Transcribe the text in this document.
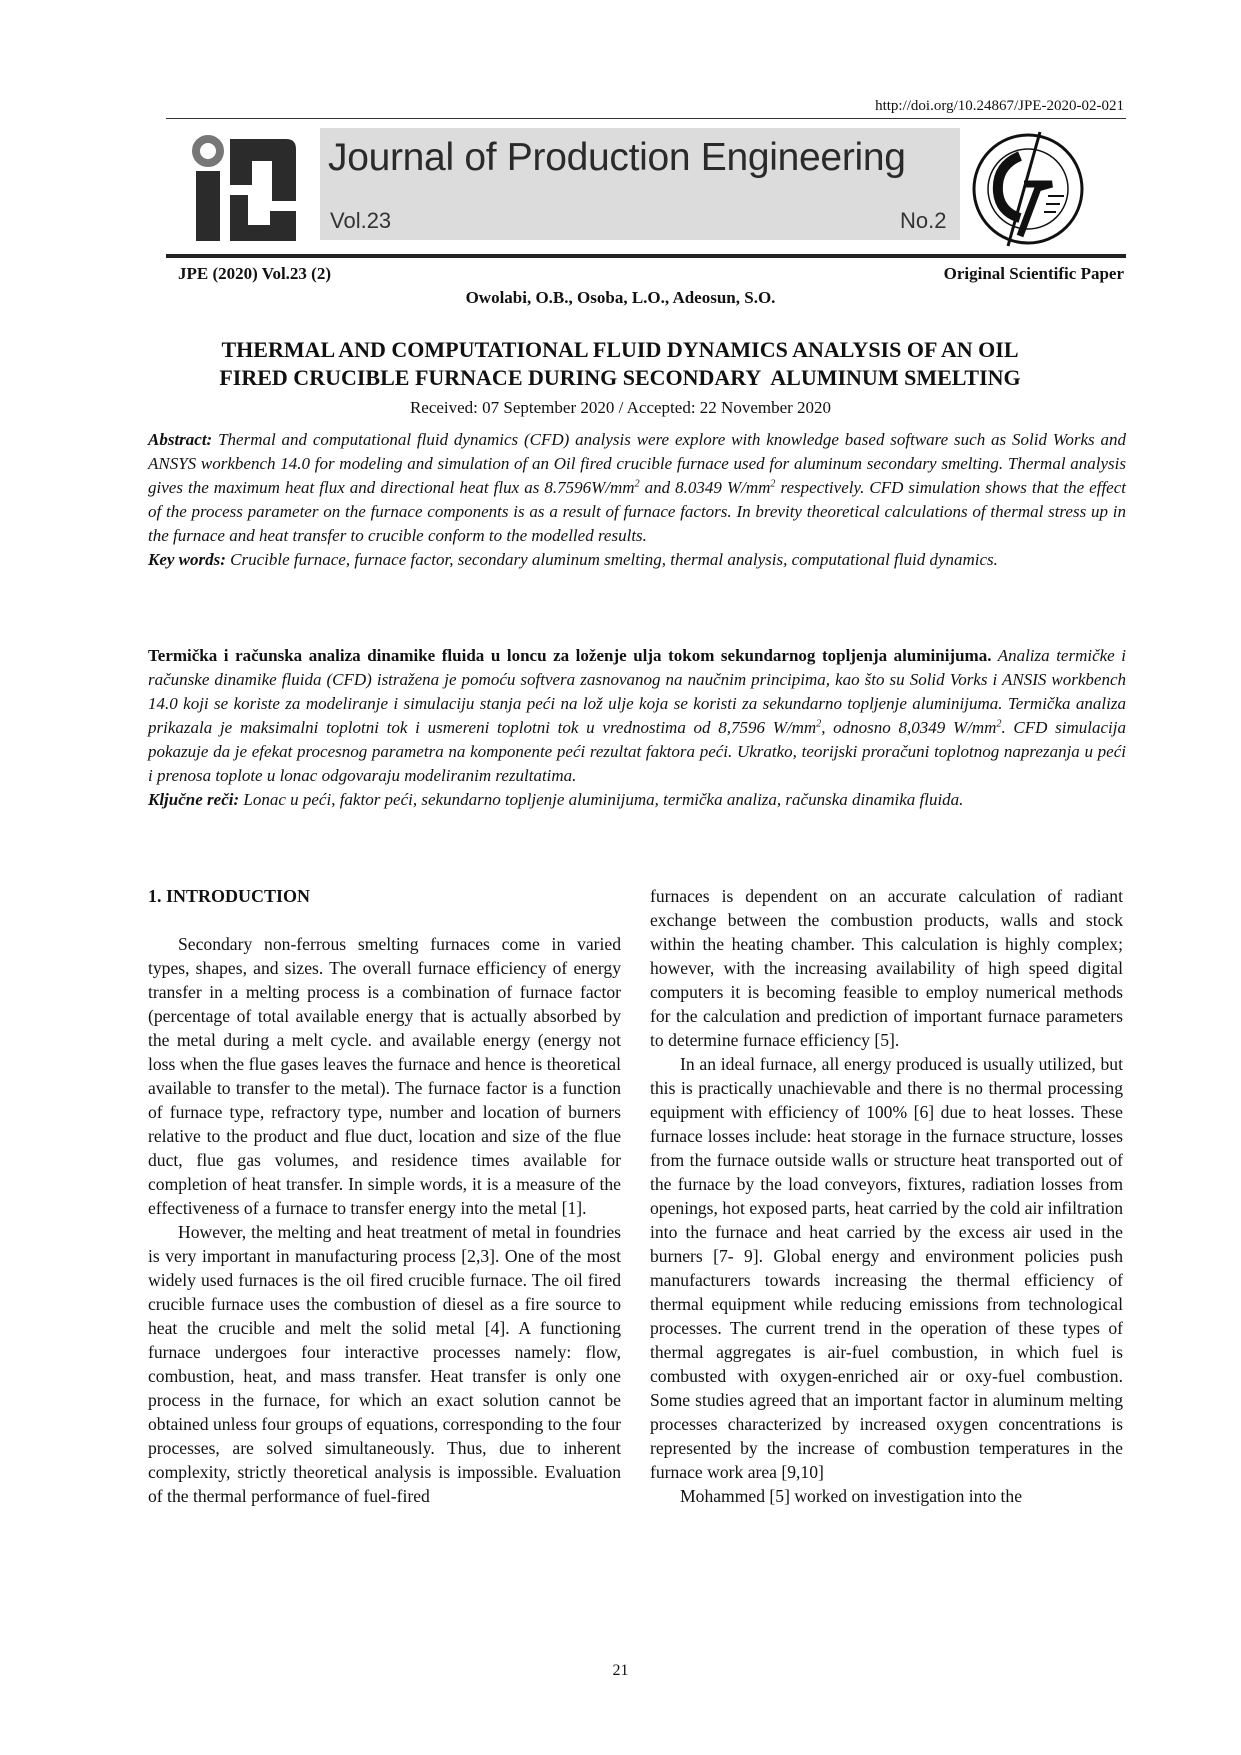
http://doi.org/10.24867/JPE-2020-02-021
Journal of Production Engineering
Vol.23	No.2
JPE (2020) Vol.23 (2)	Original Scientific Paper
Owolabi, O.B., Osoba, L.O., Adeosun, S.O.
THERMAL AND COMPUTATIONAL FLUID DYNAMICS ANALYSIS OF AN OIL
FIRED CRUCIBLE FURNACE DURING SECONDARY  ALUMINUM SMELTING
Received: 07 September 2020 / Accepted: 22 November 2020

Abstract: Thermal and computational fluid dynamics (CFD) analysis were explore with knowledge based software such as Solid Works and ANSYS workbench 14.0 for modeling and simulation of an Oil fired crucible furnace used for aluminum secondary smelting. Thermal analysis gives the maximum heat flux and directional heat flux as $8.7596W/mm^2$ and 8.0349 $W/mm^2$ respectively. CFD simulation shows that the effect of the process parameter on the furnace components is as a result of furnace factors. In brevity theoretical calculations of thermal stress up in the furnace and heat transfer to crucible conform to the modelled results.

Key words: Crucible furnace, furnace factor, secondary aluminum smelting, thermal analysis, computational fluid dynamics.

Termička i računska analiza dinamike fluida u loncu za loženje ulja tokom sekundarnog topljenja aluminijuma. Analiza termičke i računske dinamike fluida (CFD) istražena je pomoću softvera zasnovanog na naučnim principima, kao što su Solid Vorks i ANSIS workbench 14.0 koji se koriste za modeliranje i simulaciju stanja peći na lož ulje koja se koristi za sekundarno topljenje aluminijuma. Termička analiza prikazala je maksimalni toplotni tok i usmereni toplotni tok u vrednostima od 8,7596 $W/mm^2$, odnosno 8,0349 $W/mm^2$. CFD simulacija pokazuje da je efekat procesnog parametra na komponente peći rezultat faktora peći. Ukratko, teorijski proračuni toplotnog naprezanja u peći i prenosa toplote u lonac odgovaraju modeliranim rezultatima.

Ključne reči: Lonac u peći, faktor peći, sekundarno topljenje aluminijuma, termička analiza, računska dinamika fluida.

1. INTRODUCTION

Secondary non-ferrous smelting furnaces come in varied types, shapes, and sizes. The overall furnace efficiency of energy transfer in a melting process is a combination of furnace factor (percentage of total available energy that is actually absorbed by the metal during a melt cycle. and available energy (energy not loss when the flue gases leaves the furnace and hence is theoretical available to transfer to the metal). The furnace factor is a function of furnace type, refractory type, number and location of burners relative to the product and flue duct, location and size of the flue duct, flue gas volumes, and residence times available for completion of heat transfer. In simple words, it is a measure of the effectiveness of a furnace to transfer energy into the metal [1].

However, the melting and heat treatment of metal in foundries is very important in manufacturing process [2,3]. One of the most widely used furnaces is the oil fired crucible furnace. The oil fired crucible furnace uses the combustion of diesel as a fire source to heat the crucible and melt the solid metal [4]. A functioning furnace undergoes four interactive processes namely: flow, combustion, heat, and mass transfer. Heat transfer is only one process in the furnace, for which an exact solution cannot be obtained unless four groups of equations, corresponding to the four processes, are solved simultaneously. Thus, due to inherent complexity, strictly theoretical analysis is impossible. Evaluation of the thermal performance of fuel-fired

furnaces is dependent on an accurate calculation of radiant exchange between the combustion products, walls and stock within the heating chamber. This calculation is highly complex; however, with the increasing availability of high speed digital computers it is becoming feasible to employ numerical methods for the calculation and prediction of important furnace parameters to determine furnace efficiency [5].

In an ideal furnace, all energy produced is usually utilized, but this is practically unachievable and there is no thermal processing equipment with efficiency of 100% [6] due to heat losses. These furnace losses include: heat storage in the furnace structure, losses from the furnace outside walls or structure heat transported out of the furnace by the load conveyors, fixtures, radiation losses from openings, hot exposed parts, heat carried by the cold air infiltration into the furnace and heat carried by the excess air used in the burners [7- 9]. Global energy and environment policies push manufacturers towards increasing the thermal efficiency of thermal equipment while reducing emissions from technological processes. The current trend in the operation of these types of thermal aggregates is air-fuel combustion, in which fuel is combusted with oxygen-enriched air or oxy-fuel combustion. Some studies agreed that an important factor in aluminum melting processes characterized by increased oxygen concentrations is represented by the increase of combustion temperatures in the furnace work area [9,10]

Mohammed [5] worked on investigation into the

21
